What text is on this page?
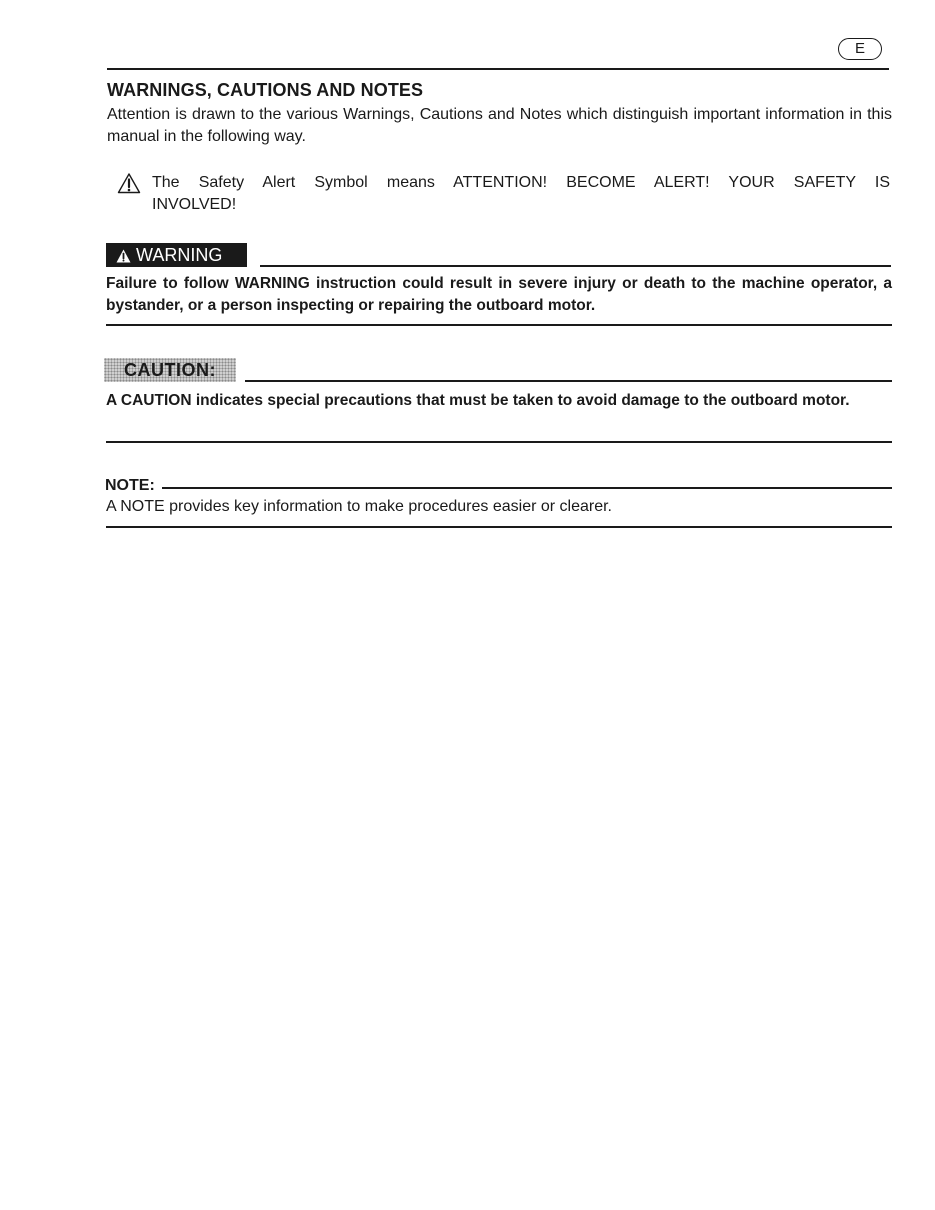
E
WARNINGS, CAUTIONS AND NOTES
Attention is drawn to the various Warnings, Cautions and Notes which distinguish important information in this manual in the following way.
The Safety Alert Symbol means ATTENTION! BECOME ALERT! YOUR SAFETY IS INVOLVED!
WARNING
Failure to follow WARNING instruction could result in severe injury or death to the machine operator, a bystander, or a person inspecting or repairing the outboard motor.
CAUTION:
A CAUTION indicates special precautions that must be taken to avoid damage to the outboard motor.
NOTE:
A NOTE provides key information to make procedures easier or clearer.
